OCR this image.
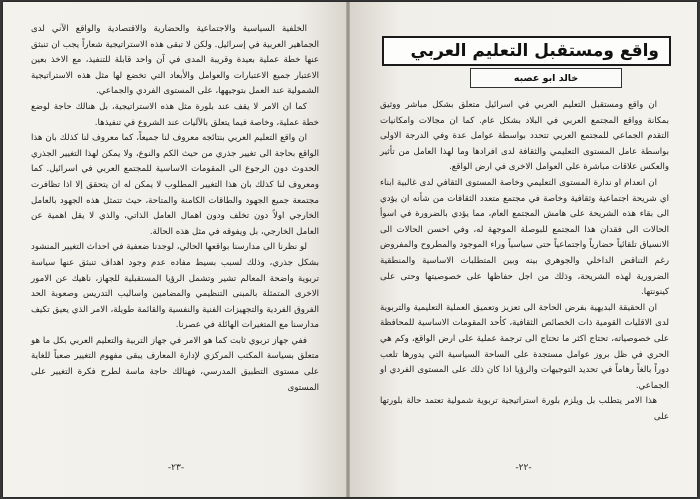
الخلفية السياسية والاجتماعية والحضارية والاقتصادية والواقع الآني لدى الجماهير العربية في إسرائيل. ولكن لا تبقى هذه الاستراتيجية شعاراً يجب ان تنبثق عنها خطة عملية بعيدة وقريبة المدى في آن واحد قابلة للتنفيذ، مع الاخذ بعين الاعتبار جميع الاعتبارات والعوامل والأبعاد التي تخضع لها مثل هذه الاستراتيجية الشمولية عند العمل بتوجيهها، على المستوى الفردي والجماعي.

كما ان الامر لا يقف عند بلورة مثل هذه الاستراتيجية، بل هنالك حاجة لوضع خطة عملية، وخاصة فيما يتعلق بالآليات عند الشروع في تنفيذها.

ان واقع التعليم العربي بنتائجه معروف لنا جميعاً، كما معروف لنا كذلك بان هذا الواقع بحاجة الى تغيير جذري من حيث الكم والنوع، ولا يمكن لهذا التغيير الجذري الحدوث دون الرجوع الى المقومات الاساسية للمجتمع العربي في اسرائيل. كما ومعروف لنا كذلك بان هذا التغيير المطلوب لا يمكن له ان يتحقق إلا اذا تظافرت مجتمعة جميع الجهود والطاقات الكامنة والمتاحة، حيث تتمثل هذه الجهود بالعامل الخارجي اولاً دون تخلف ودون اهمال العامل الذاتي، والذي لا يقل اهمية عن العامل الخارجي، بل ويفوقه في مثل هذه الحالة.

لو نظرنا الى مدارسنا بواقعها الحالي، لوجدنا ضعفية في احداث التغيير المنشود بشكل جذري، وذلك لسبب بسيط مفاده عدم وجود اهداف تنبثق عنها سياسة تربوية واضحة المعالم تشير وتشمل الرؤيا المستقبلية للجهاز، ناهيك عن الامور الاخرى المتمثلة بالمبنى التنظيمي والمضامين واساليب التدريس وصعوبة الحد الفروق الفردية والتجهيزات الفنية والنفسية والقائمة طويلة، الامر الذي يعيق تكيف مدارسنا مع المتغيرات الهائلة في عصرنا.

ففي جهاز تربوي ثابت كما هو الامر في جهاز التربية والتعليم العربي بكل ما هو متعلق بسياسة المكتب المركزي لإدارة المعارف يبقى مفهوم التغيير صعباً للغاية على مستوى التطبيق المدرسي، فهنالك حاجة ماسة لطرح فكرة التغيير على المستوى

-٢٣-
واقع ومستقبل التعليم العربي
خالد ابو عصبه

ان واقع ومستقبل التعليم العربي في اسرائيل متعلق بشكل مباشر ووثيق بمكانة وواقع المجتمع العربي في البلاد بشكل عام. كما ان مجالات وامكانيات التقدم الجماعي للمجتمع العربي تتحدد بواسطة عوامل عدة وفي الدرجة الاولى بواسطة عامل المستوى التعليمي والثقافة لدى افرادها وما لهذا العامل من تأثير والعكس علاقات مباشرة على العوامل الاخرى في ارض الواقع.

ان انعدام او ندارة المستوى التعليمي وخاصة المستوى الثقافي لدى غالبية ابناء اي شريحة اجتماعية وثقافية وخاصة في مجتمع متعدد الثقافات من شأنه ان يؤدي الى بقاء هذه الشريحة على هامش المجتمع العام، مما يؤدي بالضرورة في اسوأ الحالات الى فقدان هذا المجتمع للبوصلة الموجهة له، وفي احسن الحالات الى الانسياق تلقائياً حضارياً واجتماعياً حتى سياسياً وراء الموجود والمطروح والمفروض رغم التناقض الداخلي والجوهري بينه وبين المتطلبات الاساسية والمنطقية الضرورية لهذه الشريحة، وذلك من اجل حفاظها على خصوصيتها وحتى على كينونتها.

ان الحقيقة البديهية بفرض الحاجة الى تعزيز وتعميق العملية التعليمية والتربوية لدى الاقليات القومية ذات الخصائص الثقافية، كأحد المقومات الاساسية للمحافظة على خصوصياته، تحتاج اكثر ما تحتاج الى ترجمة عملية على ارض الواقع، وكم هي الحري في ظل بروز عوامل مستجدة على الساحة السياسية التي يدورها تلعب دوراً بالغاً رهاماً في تحديد التوجيهات والرؤيا اذا كان ذلك على المستوى الفردي او الجماعي.

هذا الامر يتطلب بل ويلزم بلورة استراتيجية تربوية شمولية تعتمد حالة بلورتها على

-٢٢-
